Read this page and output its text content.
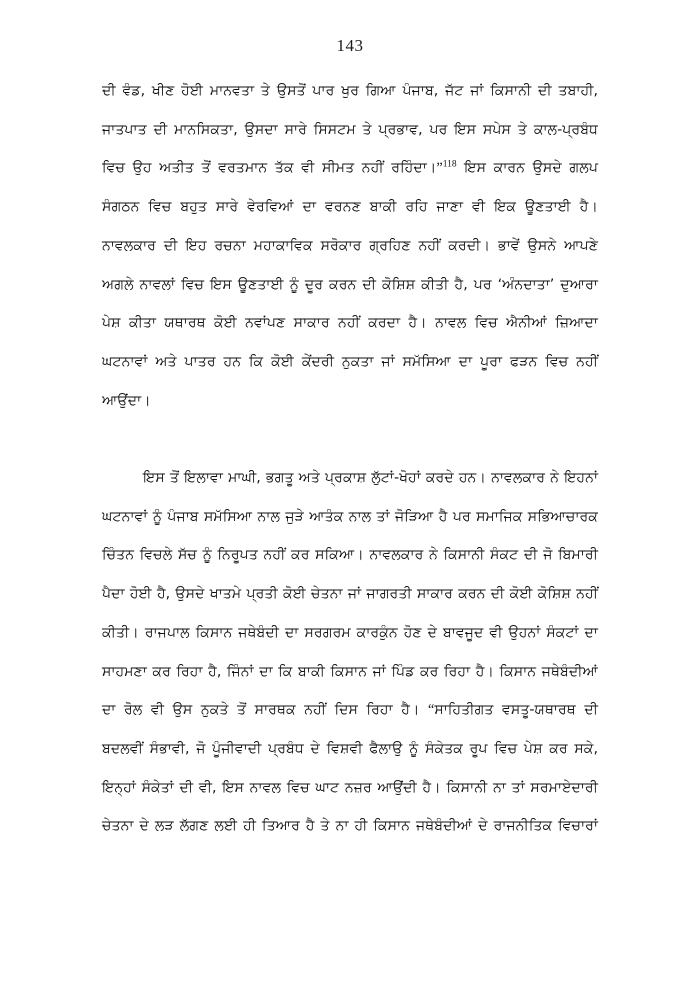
143

ਦੀ ਵੰਡ, ਖੀਣ ਹੋਈ ਮਾਨਵਤਾ ਤੇ ਉਸਤੋਂ ਪਾਰ ਖੁਰ ਗਿਆ ਪੰਜਾਬ, ਜੱਟ ਜਾਂ ਕਿਸਾਨੀ ਦੀ ਤਬਾਹੀ, ਜਾਤਪਾਤ ਦੀ ਮਾਨਸਿਕਤਾ, ਉਸਦਾ ਸਾਰੇ ਸਿਸਟਮ ਤੇ ਪ੍ਰਭਾਵ, ਪਰ ਇਸ ਸਪੇਸ ਤੇ ਕਾਲ-ਪ੍ਰਬੰਧ ਵਿਚ ਉਹ ਅਤੀਤ ਤੋਂ ਵਰਤਮਾਨ ਤੱਕ ਵੀ ਸੀਮਤ ਨਹੀਂ ਰਹਿੰਦਾ।”$^{118}$ ਇਸ ਕਾਰਨ ਉਸਦੇ ਗਲਪ ਸੰਗਠਨ ਵਿਚ ਬਹੁਤ ਸਾਰੇ ਵੇਰਵਿਆਂ ਦਾ ਵਰਨਣ ਬਾਕੀ ਰਹਿ ਜਾਣਾ ਵੀ ਇਕ ਊਣਤਾਈ ਹੈ। ਨਾਵਲਕਾਰ ਦੀ ਇਹ ਰਚਨਾ ਮਹਾਕਾਵਿਕ ਸਰੋਕਾਰ ਗ੍ਰਹਿਣ ਨਹੀਂ ਕਰਦੀ। ਭਾਵੇਂ ਉਸਨੇ ਆਪਣੇ ਅਗਲੇ ਨਾਵਲਾਂ ਵਿਚ ਇਸ ਊਣਤਾਈ ਨੂੰ ਦੂਰ ਕਰਨ ਦੀ ਕੋਸ਼ਿਸ਼ ਕੀਤੀ ਹੈ, ਪਰ ‘ਅੰਨਦਾਤਾ’ ਦੁਆਰਾ ਪੇਸ਼ ਕੀਤਾ ਯਥਾਰਥ ਕੋਈ ਨਵਾਂਪਣ ਸਾਕਾਰ ਨਹੀਂ ਕਰਦਾ ਹੈ। ਨਾਵਲ ਵਿਚ ਐਨੀਆਂ ਜ਼ਿਆਦਾ ਘਟਨਾਵਾਂ ਅਤੇ ਪਾਤਰ ਹਨ ਕਿ ਕੋਈ ਕੇਂਦਰੀ ਨੁਕਤਾ ਜਾਂ ਸਮੱਸਿਆ ਦਾ ਪੂਰਾ ਫੜਨ ਵਿਚ ਨਹੀਂ ਆਉਂਦਾ।

ਇਸ ਤੋਂ ਇਲਾਵਾ ਮਾਘੀ, ਭਗਤੂ ਅਤੇ ਪ੍ਰਕਾਸ਼ ਲੁੱਟਾਂ-ਖੋਹਾਂ ਕਰਦੇ ਹਨ। ਨਾਵਲਕਾਰ ਨੇ ਇਹਨਾਂ ਘਟਨਾਵਾਂ ਨੂੰ ਪੰਜਾਬ ਸਮੱਸਿਆ ਨਾਲ ਜੁੜੇ ਆਤੰਕ ਨਾਲ ਤਾਂ ਜੋੜਿਆ ਹੈ ਪਰ ਸਮਾਜਿਕ ਸਭਿਆਚਾਰਕ ਚਿੰਤਨ ਵਿਚਲੇ ਸੱਚ ਨੂੰ ਨਿਰੂਪਤ ਨਹੀਂ ਕਰ ਸਕਿਆ। ਨਾਵਲਕਾਰ ਨੇ ਕਿਸਾਨੀ ਸੰਕਟ ਦੀ ਜੋ ਬਿਮਾਰੀ ਪੈਦਾ ਹੋਈ ਹੈ, ਉਸਦੇ ਖਾਤਮੇ ਪ੍ਰਤੀ ਕੋਈ ਚੇਤਨਾ ਜਾਂ ਜਾਗਰਤੀ ਸਾਕਾਰ ਕਰਨ ਦੀ ਕੋਈ ਕੋਸ਼ਿਸ਼ ਨਹੀਂ ਕੀਤੀ। ਰਾਜਪਾਲ ਕਿਸਾਨ ਜਥੇਬੰਦੀ ਦਾ ਸਰਗਰਮ ਕਾਰਕੁੰਨ ਹੋਣ ਦੇ ਬਾਵਜੂਦ ਵੀ ਉਹਨਾਂ ਸੰਕਟਾਂ ਦਾ ਸਾਹਮਣਾ ਕਰ ਰਿਹਾ ਹੈ, ਜਿੰਨਾਂ ਦਾ ਕਿ ਬਾਕੀ ਕਿਸਾਨ ਜਾਂ ਪਿੰਡ ਕਰ ਰਿਹਾ ਹੈ। ਕਿਸਾਨ ਜਥੇਬੰਦੀਆਂ ਦਾ ਰੋਲ ਵੀ ਉਸ ਨੁਕਤੇ ਤੋਂ ਸਾਰਥਕ ਨਹੀਂ ਦਿਸ ਰਿਹਾ ਹੈ। “ਸਾਹਿਤੀਗਤ ਵਸਤੂ-ਯਥਾਰਥ ਦੀ ਬਦਲਵੀਂ ਸੰਭਾਵੀ, ਜੋ ਪੂੰਜੀਵਾਦੀ ਪ੍ਰਬੰਧ ਦੇ ਵਿਸ਼ਵੀ ਫੈਲਾਉ ਨੂੰ ਸੰਕੇਤਕ ਰੂਪ ਵਿਚ ਪੇਸ਼ ਕਰ ਸਕੇ, ਇਨ੍ਹਾਂ ਸੰਕੇਤਾਂ ਦੀ ਵੀ, ਇਸ ਨਾਵਲ ਵਿਚ ਘਾਟ ਨਜ਼ਰ ਆਉਂਦੀ ਹੈ। ਕਿਸਾਨੀ ਨਾ ਤਾਂ ਸਰਮਾਏਦਾਰੀ ਚੇਤਨਾ ਦੇ ਲੜ ਲੱਗਣ ਲਈ ਹੀ ਤਿਆਰ ਹੈ ਤੇ ਨਾ ਹੀ ਕਿਸਾਨ ਜਥੇਬੰਦੀਆਂ ਦੇ ਰਾਜਨੀਤਿਕ ਵਿਚਾਰਾਂ
